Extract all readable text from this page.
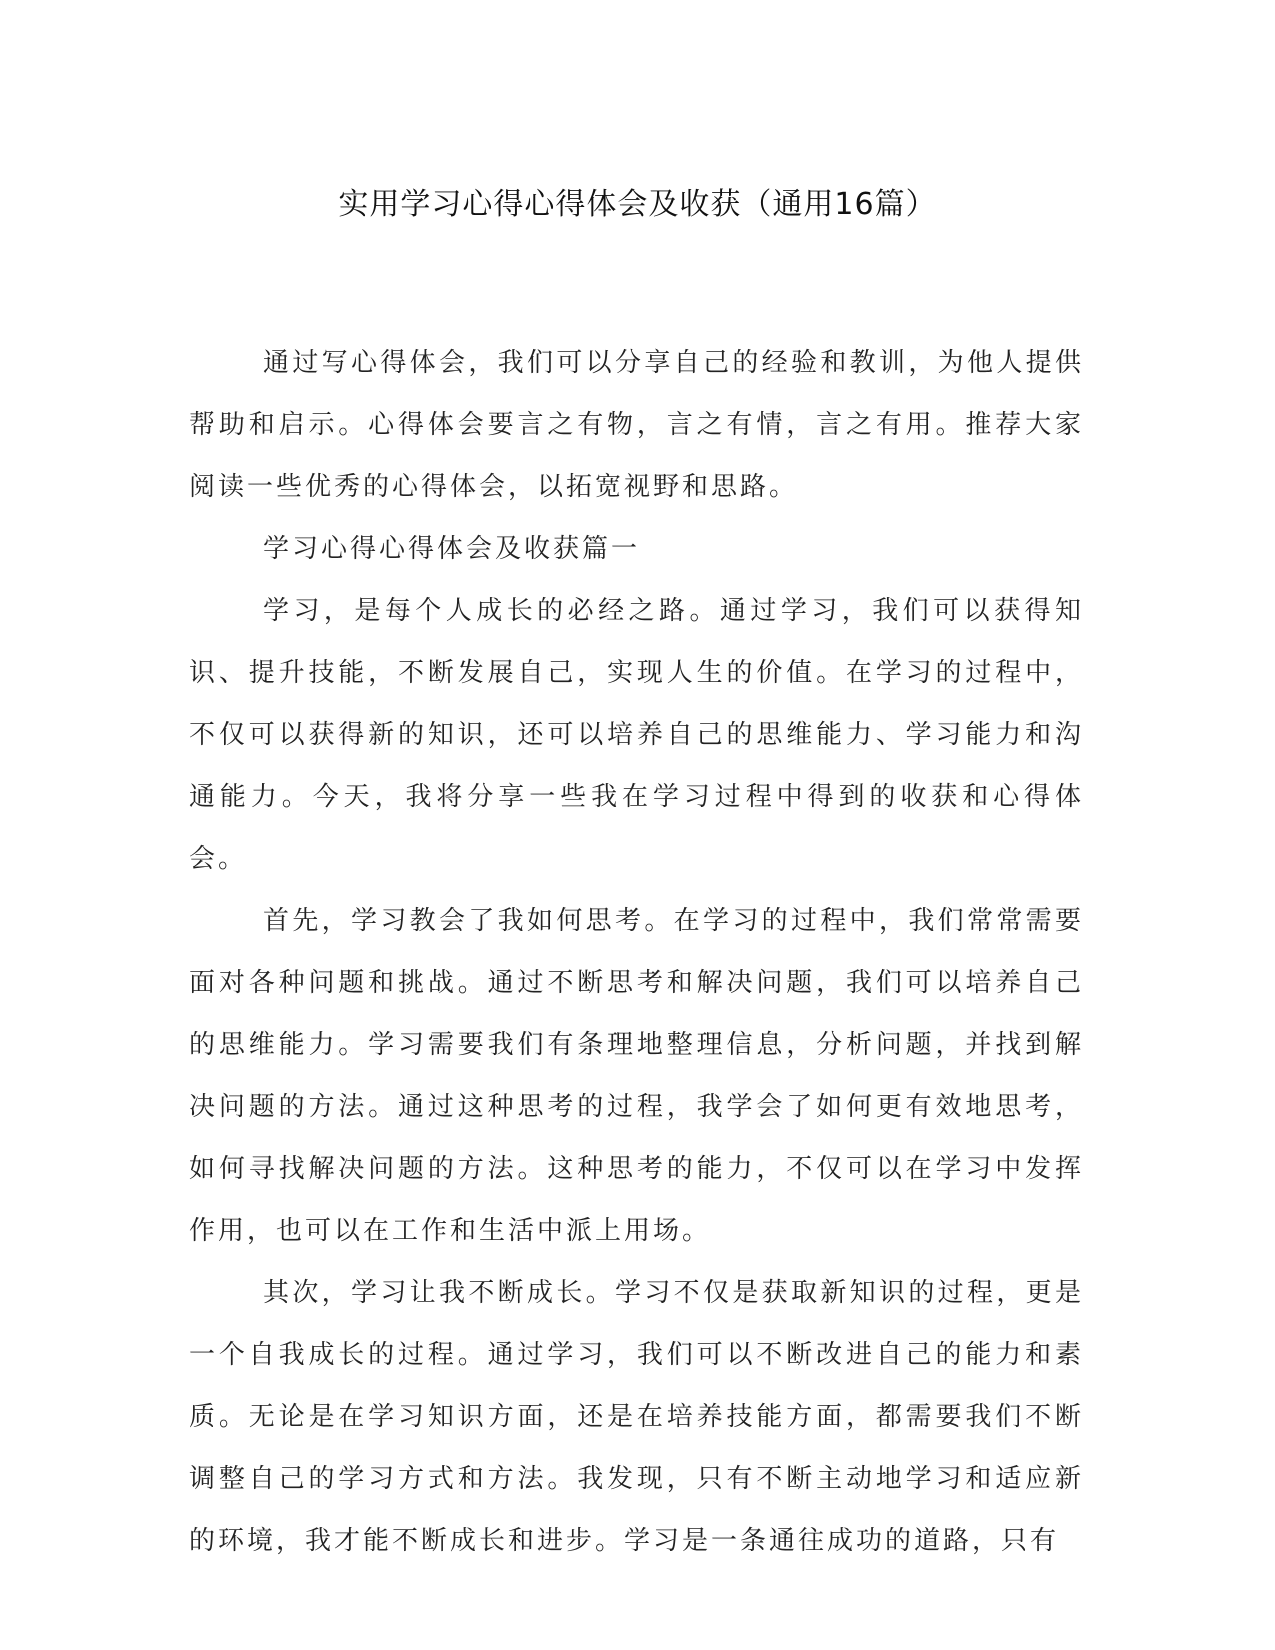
实用学习心得心得体会及收获（通用16篇）

通过写心得体会，我们可以分享自己的经验和教训，为他人提供帮助和启示。心得体会要言之有物，言之有情，言之有用。推荐大家阅读一些优秀的心得体会，以拓宽视野和思路。

学习心得心得体会及收获篇一

学习，是每个人成长的必经之路。通过学习，我们可以获得知识、提升技能，不断发展自己，实现人生的价值。在学习的过程中，不仅可以获得新的知识，还可以培养自己的思维能力、学习能力和沟通能力。今天，我将分享一些我在学习过程中得到的收获和心得体会。

首先，学习教会了我如何思考。在学习的过程中，我们常常需要面对各种问题和挑战。通过不断思考和解决问题，我们可以培养自己的思维能力。学习需要我们有条理地整理信息，分析问题，并找到解决问题的方法。通过这种思考的过程，我学会了如何更有效地思考，如何寻找解决问题的方法。这种思考的能力，不仅可以在学习中发挥作用，也可以在工作和生活中派上用场。

其次，学习让我不断成长。学习不仅是获取新知识的过程，更是一个自我成长的过程。通过学习，我们可以不断改进自己的能力和素质。无论是在学习知识方面，还是在培养技能方面，都需要我们不断调整自己的学习方式和方法。我发现，只有不断主动地学习和适应新的环境，我才能不断成长和进步。学习是一条通往成功的道路，只有
